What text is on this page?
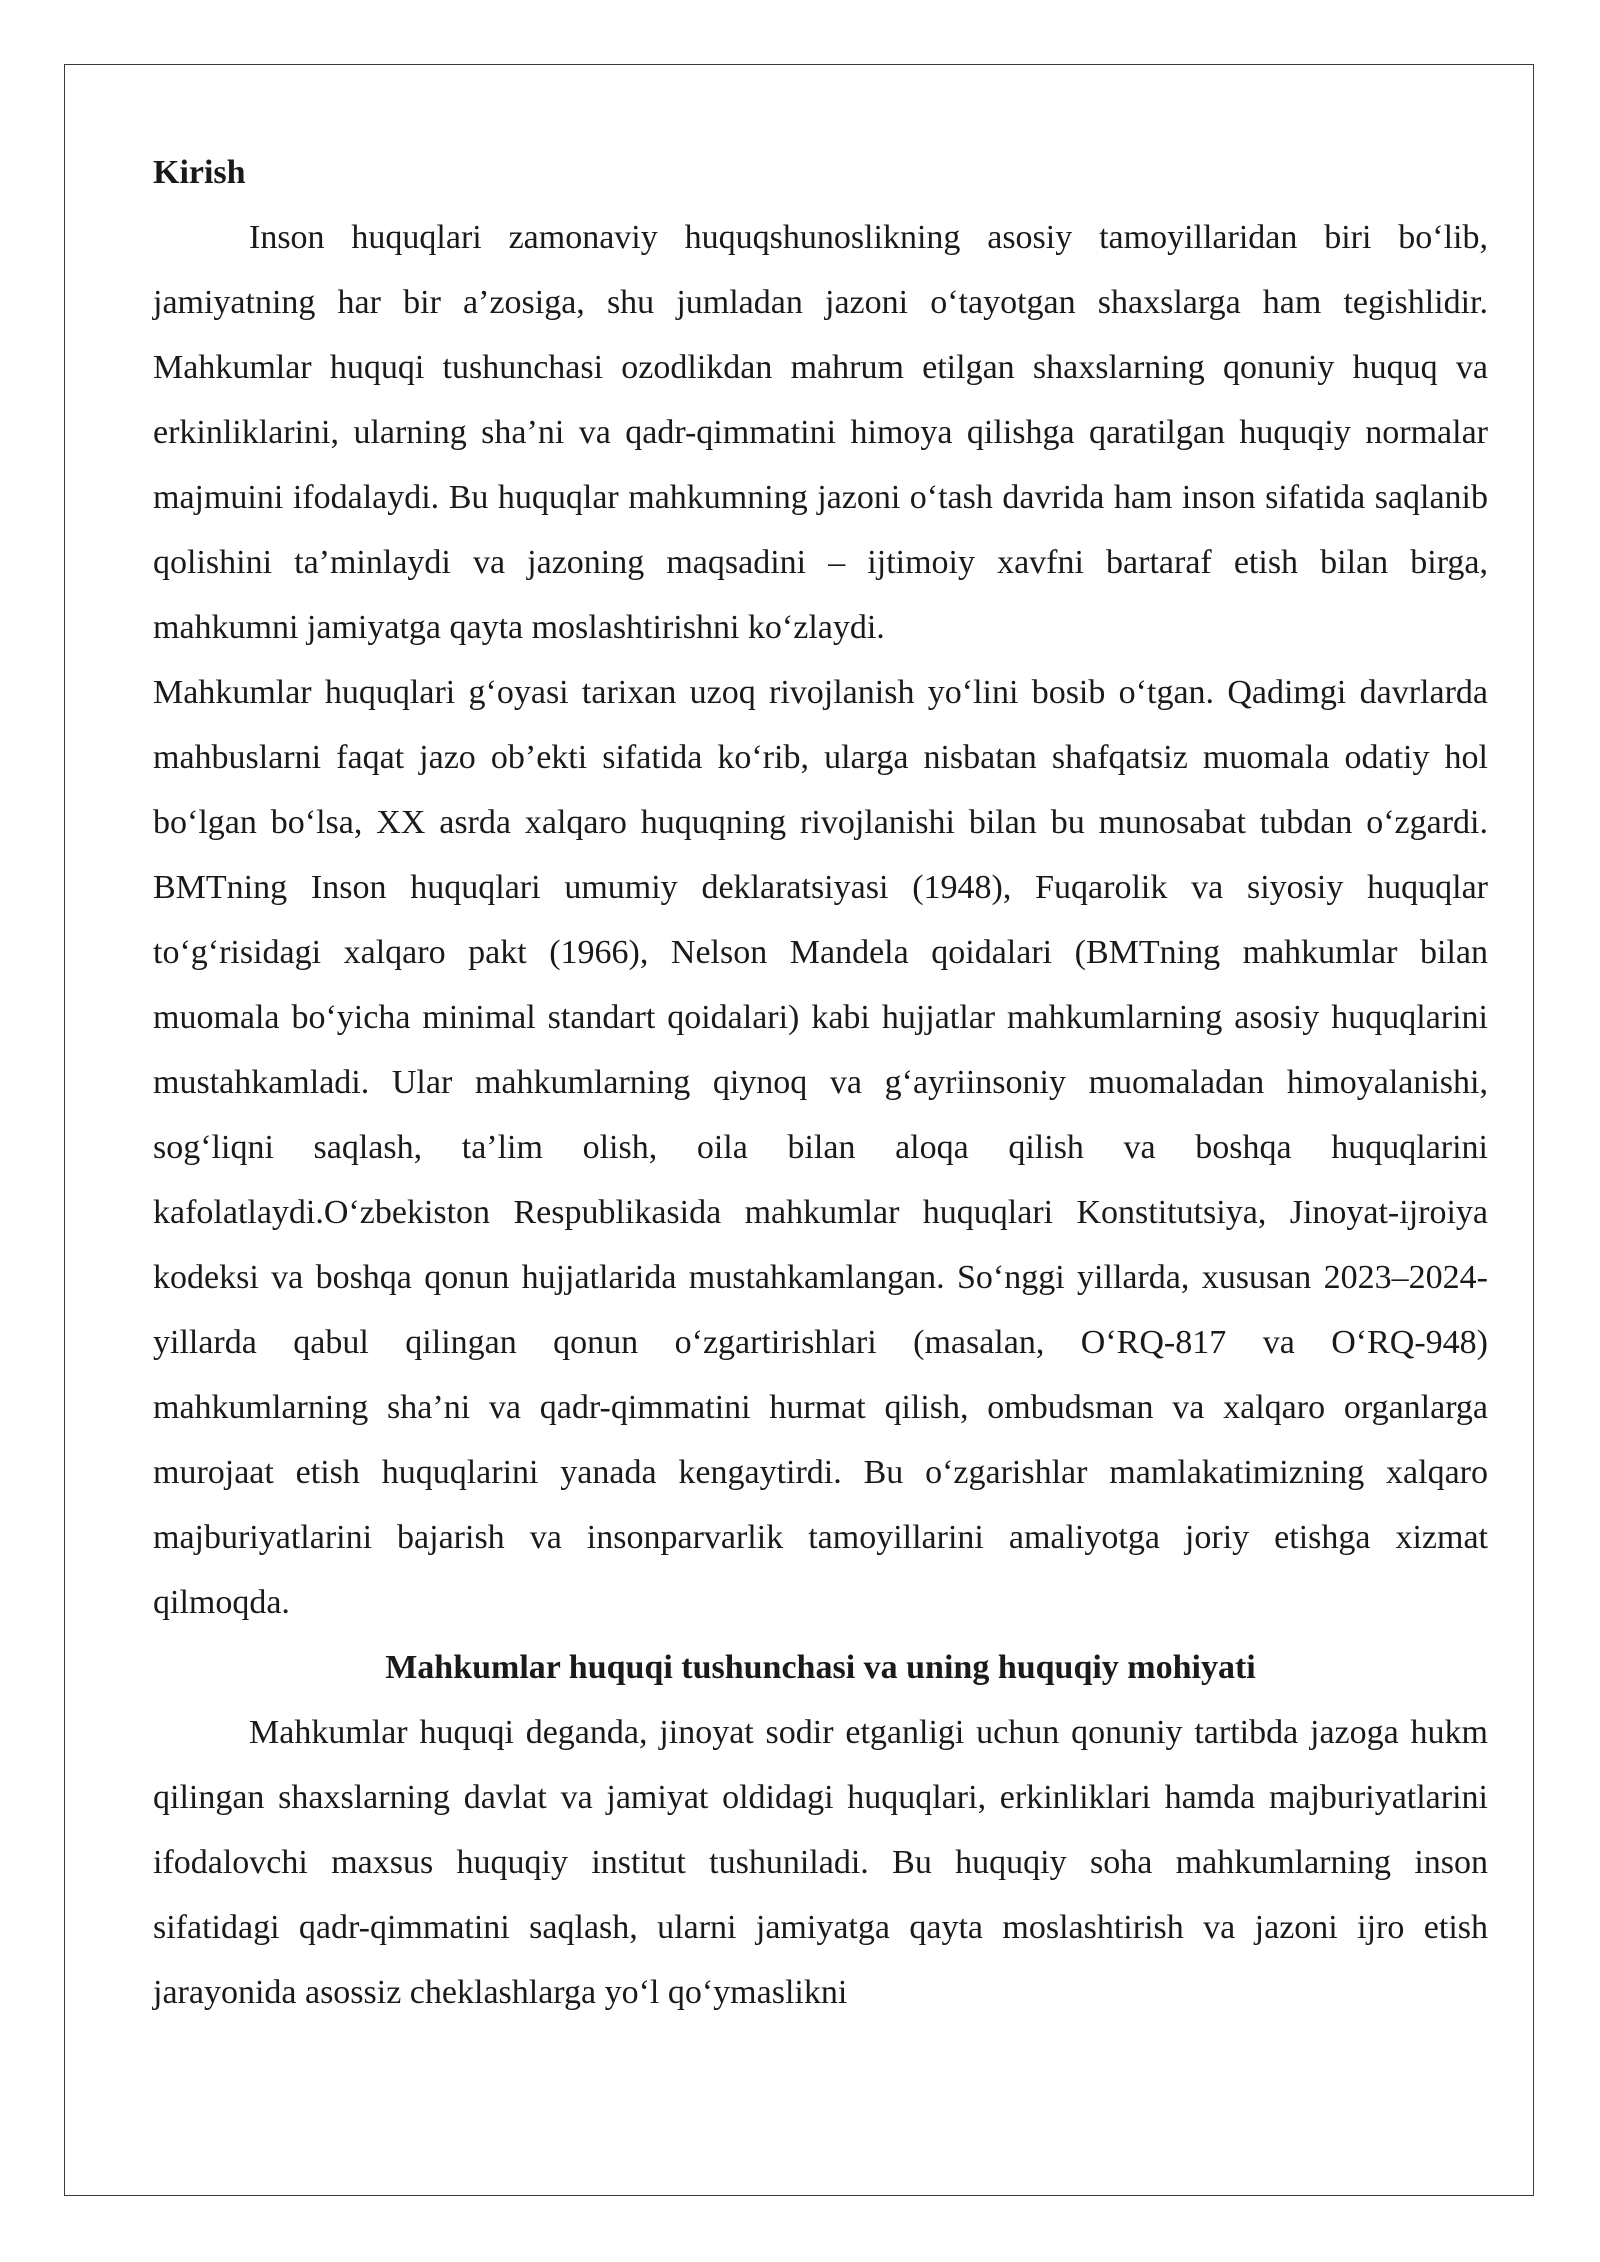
Kirish

Inson huquqlari zamonaviy huquqshunoslikning asosiy tamoyillaridan biri bo‘lib, jamiyatning har bir a’zosiga, shu jumladan jazoni o‘tayotgan shaxslarga ham tegishlidir. Mahkumlar huquqi tushunchasi ozodlikdan mahrum etilgan shaxslarning qonuniy huquq va erkinliklarini, ularning sha’ni va qadr-qimmatini himoya qilishga qaratilgan huquqiy normalar majmuini ifodalaydi. Bu huquqlar mahkumning jazoni o‘tash davrida ham inson sifatida saqlanib qolishini ta’minlaydi va jazoning maqsadini – ijtimoiy xavfni bartaraf etish bilan birga, mahkumni jamiyatga qayta moslashtirishni ko‘zlaydi.

Mahkumlar huquqlari g‘oyasi tarixan uzoq rivojlanish yo‘lini bosib o‘tgan. Qadimgi davrlarda mahbuslarni faqat jazo ob’ekti sifatida ko‘rib, ularga nisbatan shafqatsiz muomala odatiy hol bo‘lgan bo‘lsa, XX asrda xalqaro huquqning rivojlanishi bilan bu munosabat tubdan o‘zgardi. BMTning Inson huquqlari umumiy deklaratsiyasi (1948), Fuqarolik va siyosiy huquqlar to‘g‘risidagi xalqaro pakt (1966), Nelson Mandela qoidalari (BMTning mahkumlar bilan muomala bo‘yicha minimal standart qoidalari) kabi hujjatlar mahkumlarning asosiy huquqlarini mustahkamladi. Ular mahkumlarning qiynoq va g‘ayriinsoniy muomaladan himoyalanishi, sog‘liqni saqlash, ta’lim olish, oila bilan aloqa qilish va boshqa huquqlarini kafolatlaydi.O‘zbekiston Respublikasida mahkumlar huquqlari Konstitutsiya, Jinoyat-ijroiya kodeksi va boshqa qonun hujjatlarida mustahkamlangan. So‘nggi yillarda, xususan 2023–2024-yillarda qabul qilingan qonun o‘zgartirishlari (masalan, O‘RQ-817 va O‘RQ-948) mahkumlarning sha’ni va qadr-qimmatini hurmat qilish, ombudsman va xalqaro organlarga murojaat etish huquqlarini yanada kengaytirdi. Bu o‘zgarishlar mamlakatimizning xalqaro majburiyatlarini bajarish va insonparvarlik tamoyillarini amaliyotga joriy etishga xizmat qilmoqda.

Mahkumlar huquqi tushunchasi va uning huquqiy mohiyati

Mahkumlar huquqi deganda, jinoyat sodir etganligi uchun qonuniy tartibda jazoga hukm qilingan shaxslarning davlat va jamiyat oldidagi huquqlari, erkinliklari hamda majburiyatlarini ifodalovchi maxsus huquqiy institut tushuniladi. Bu huquqiy soha mahkumlarning inson sifatidagi qadr-qimmatini saqlash, ularni jamiyatga qayta moslashtirish va jazoni ijro etish jarayonida asossiz cheklashlarga yo‘l qo‘ymaslikni
